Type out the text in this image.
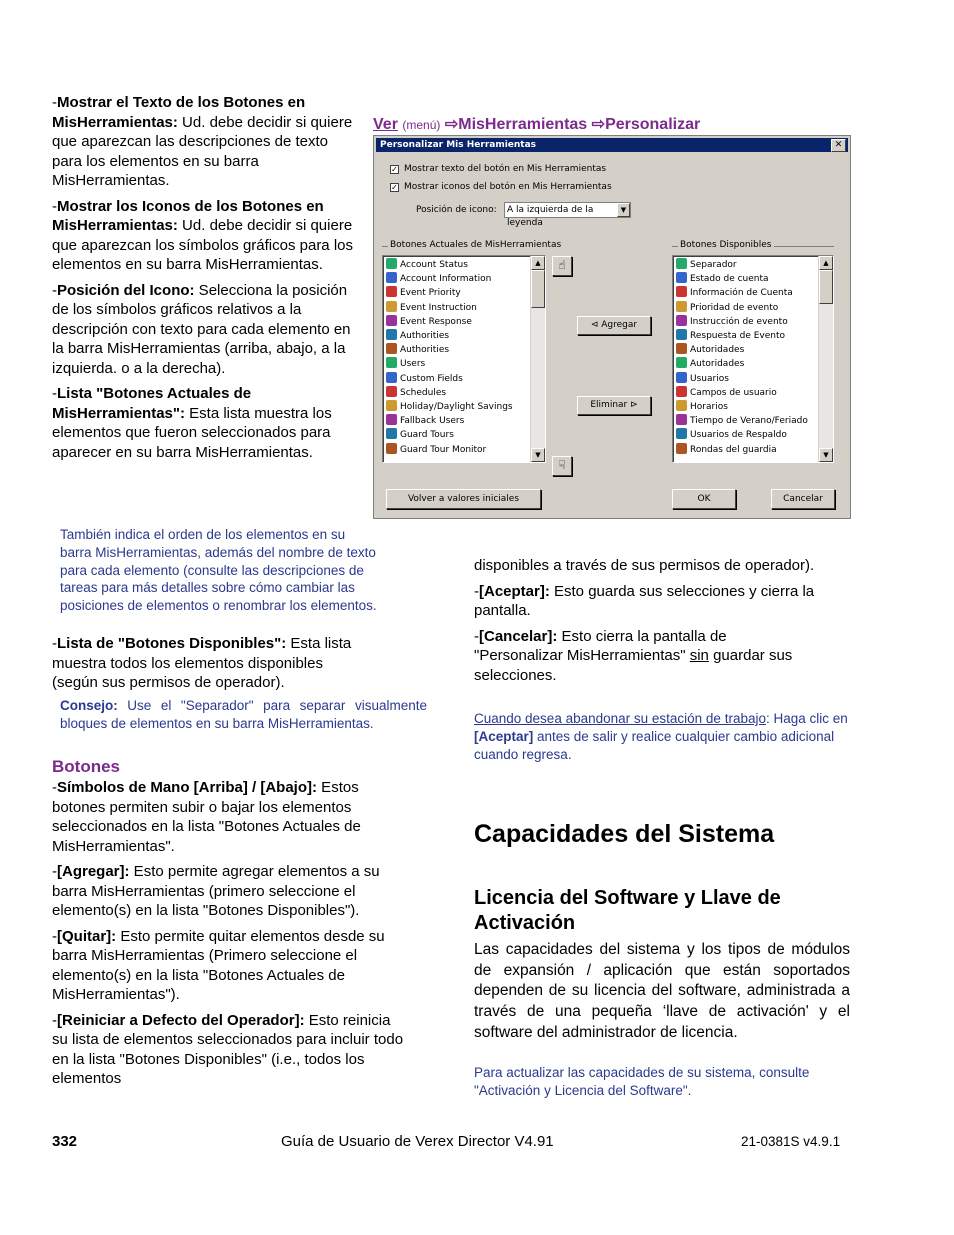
-Mostrar el Texto de los Botones en MisHerramientas: Ud. debe decidir si quiere que aparezcan las descripciones de texto para los elementos en su barra MisHerramientas.

-Mostrar los Iconos de los Botones en MisHerramientas: Ud. debe decidir si quiere que aparezcan los símbolos gráficos para los elementos en su barra MisHerramientas.

-Posición del Icono: Selecciona la posición de los símbolos gráficos relativos a la descripción con texto para cada elemento en la barra MisHerramientas (arriba, abajo, a la izquierda. o a la derecha).

-Lista "Botones Actuales de MisHerramientas": Esta lista muestra los elementos que fueron seleccionados para aparecer en su barra MisHerramientas.

También indica el orden de los elementos en su barra MisHerramientas, además del nombre de texto para cada elemento (consulte las descripciones de tareas para más detalles sobre cómo cambiar las posiciones de elementos o renombrar los elementos.

-Lista de "Botones Disponibles": Esta lista muestra todos los elementos disponibles (según sus permisos de operador).

Consejo: Use el "Separador" para separar visualmente bloques de elementos en su barra MisHerramientas.

Botones

-Símbolos de Mano [Arriba] / [Abajo]: Estos botones permiten subir o bajar los elementos seleccionados en la lista "Botones Actuales de MisHerramientas".

-[Agregar]: Esto permite agregar elementos a su barra MisHerramientas (primero seleccione el elemento(s) en la lista "Botones Disponibles").

-[Quitar]: Esto permite quitar elementos desde su barra MisHerramientas (Primero seleccione el elemento(s) en la lista "Botones Actuales de MisHerramientas").

-[Reiniciar a Defecto del Operador]: Esto reinicia su lista de elementos seleccionados para incluir todo en la lista "Botones Disponibles" (i.e., todos los elementos

Ver (menú) ⇨MisHerramientas ⇨Personalizar
Personalizar Mis Herramientas	✕
✓ Mostrar texto del botón en Mis Herramientas
✓ Mostrar iconos del botón en Mis Herramientas
Posición de icono: A la izquierda de la leyenda
▼
Botones Actuales de MisHerramientas
Account Status
Account Information
Event Priority
Event Instruction
Event Response
Authorities
Authorities
Users
Custom Fields
Schedules
Holiday/Daylight Savings
Fallback Users
Guard Tours
Guard Tour Monitor
▲
▼
☝
☟
⊲ Agregar
Eliminar ⊳
Botones Disponibles
Separador
Estado de cuenta
Información de Cuenta
Prioridad de evento
Instrucción de evento
Respuesta de Evento
Autoridades
Autoridades
Usuarios
Campos de usuario
Horarios
Tiempo de Verano/Feriado
Usuarios de Respaldo
Rondas del guardia
▲
▼
Volver a valores iniciales	OK	Cancelar

disponibles a través de sus permisos de operador).

-[Aceptar]: Esto guarda sus selecciones y cierra la pantalla.

-[Cancelar]: Esto cierra la pantalla de "Personalizar MisHerramientas" sin guardar sus selecciones.

Cuando desea abandonar su estación de trabajo: Haga clic en [Aceptar] antes de salir y realice cualquier cambio adicional cuando regresa.

Capacidades del Sistema
Licencia del Software y Llave de Activación

Las capacidades del sistema y los tipos de módulos de expansión / aplicación que están soportados dependen de su licencia del software, administrada a través de una pequeña ‘llave de activación' y el software del administrador de licencia.

Para actualizar las capacidades de su sistema, consulte "Activación y Licencia del Software".

332	Guía de Usuario de Verex Director V4.91	21-0381S v4.9.1
